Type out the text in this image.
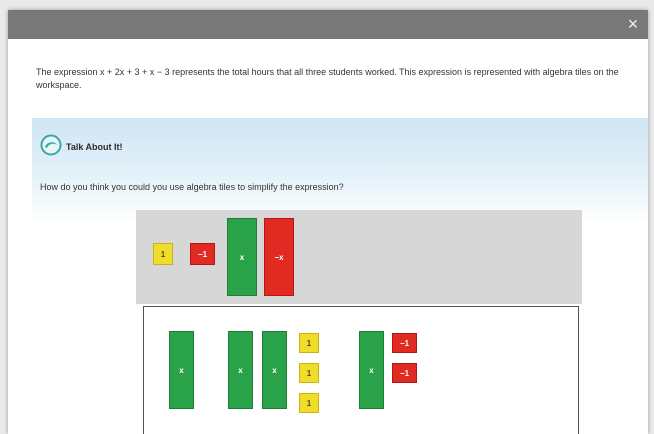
×
The expression x + 2x + 3 + x − 3 represents the total hours that all three students worked. This expression is represented with algebra tiles on the workspace.
Talk About It!
How do you think you could you use algebra tiles to simplify the expression?
1	−1	x	−x
x	x	x
1
1
1
x
−1
−1
